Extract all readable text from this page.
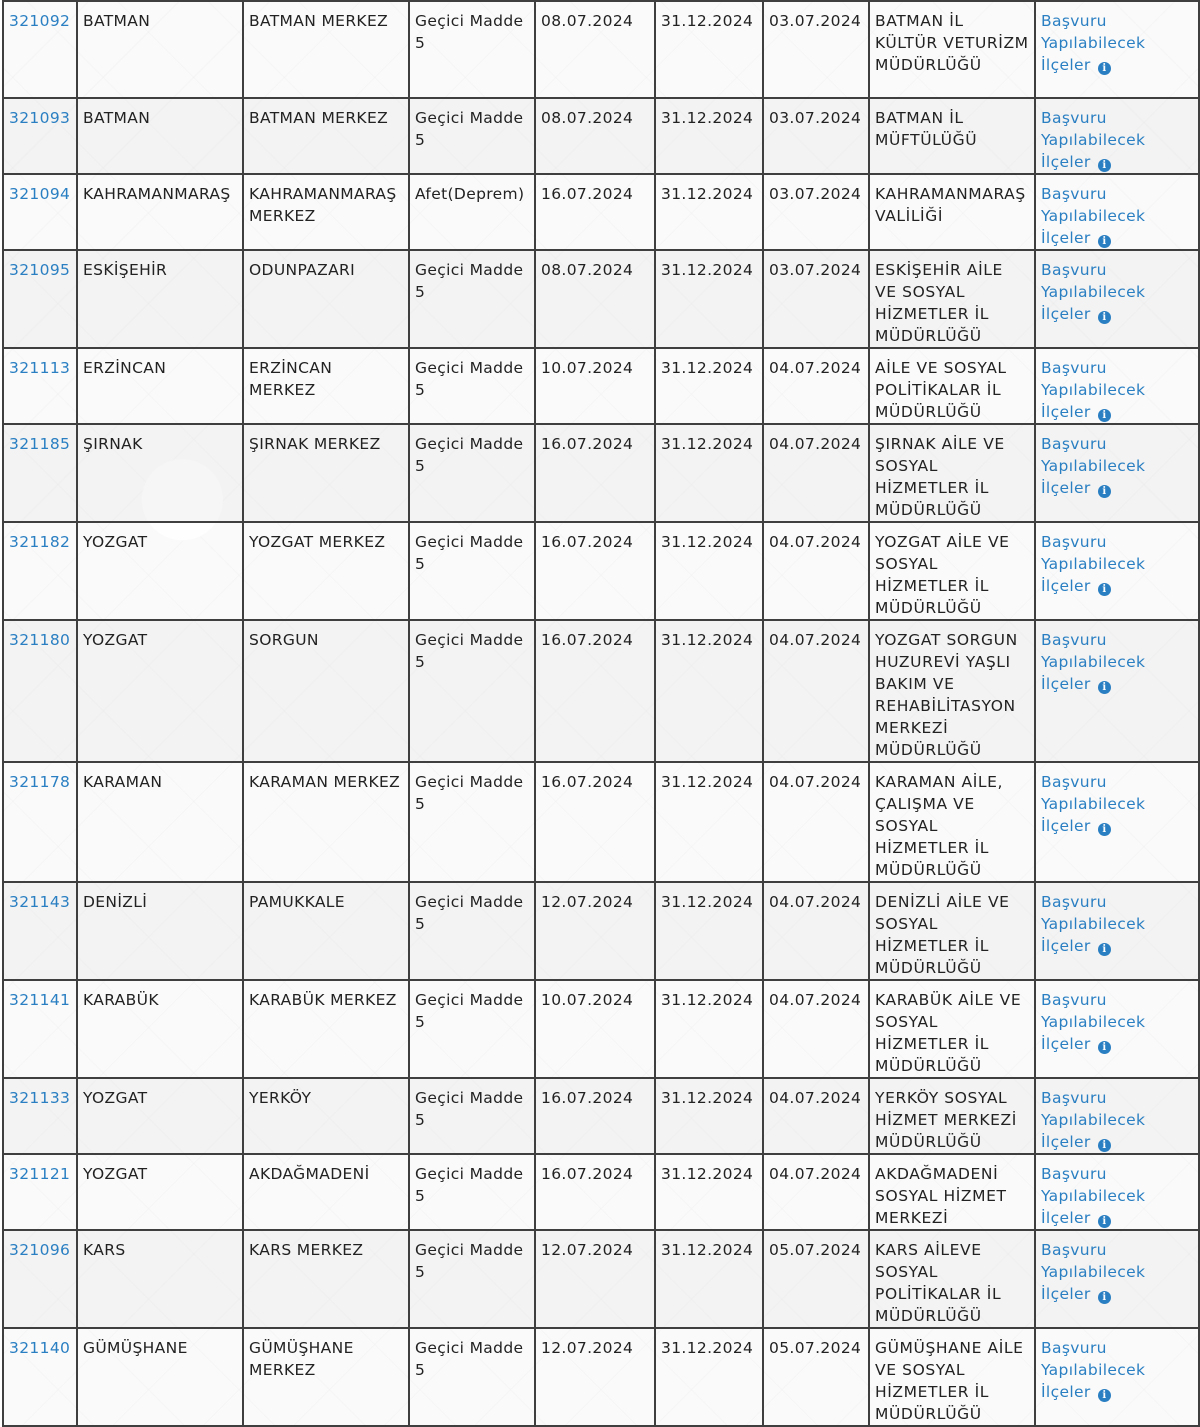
321092	BATMAN	BATMAN MERKEZ	Geçici Madde 5	08.07.2024	31.12.2024	03.07.2024	BATMAN İL KÜLTÜR VETURİZM MÜDÜRLÜĞÜ	Başvuru Yapılabilecek İlçeler i
321093	BATMAN	BATMAN MERKEZ	Geçici Madde 5	08.07.2024	31.12.2024	03.07.2024	BATMAN İL MÜFTÜLÜĞÜ	Başvuru Yapılabilecek İlçeler i
321094	KAHRAMANMARAŞ	KAHRAMANMARAŞ MERKEZ	Afet(Deprem)	16.07.2024	31.12.2024	03.07.2024	KAHRAMANMARAŞ VALİLİĞİ	Başvuru Yapılabilecek İlçeler i
321095	ESKİŞEHİR	ODUNPAZARI	Geçici Madde 5	08.07.2024	31.12.2024	03.07.2024	ESKİŞEHİR AİLE VE SOSYAL HİZMETLER İL MÜDÜRLÜĞÜ	Başvuru Yapılabilecek İlçeler i
321113	ERZİNCAN	ERZİNCAN MERKEZ	Geçici Madde 5	10.07.2024	31.12.2024	04.07.2024	AİLE VE SOSYAL POLİTİKALAR İL MÜDÜRLÜĞÜ	Başvuru Yapılabilecek İlçeler i
321185	ŞIRNAK	ŞIRNAK MERKEZ	Geçici Madde 5	16.07.2024	31.12.2024	04.07.2024	ŞIRNAK AİLE VE SOSYAL HİZMETLER İL MÜDÜRLÜĞÜ	Başvuru Yapılabilecek İlçeler i
321182	YOZGAT	YOZGAT MERKEZ	Geçici Madde 5	16.07.2024	31.12.2024	04.07.2024	YOZGAT AİLE VE SOSYAL HİZMETLER İL MÜDÜRLÜĞÜ	Başvuru Yapılabilecek İlçeler i
321180	YOZGAT	SORGUN	Geçici Madde 5	16.07.2024	31.12.2024	04.07.2024	YOZGAT SORGUN HUZUREVİ YAŞLI BAKIM VE REHABİLİTASYON MERKEZİ MÜDÜRLÜĞÜ	Başvuru Yapılabilecek İlçeler i
321178	KARAMAN	KARAMAN MERKEZ	Geçici Madde 5	16.07.2024	31.12.2024	04.07.2024	KARAMAN AİLE, ÇALIŞMA VE SOSYAL HİZMETLER İL MÜDÜRLÜĞÜ	Başvuru Yapılabilecek İlçeler i
321143	DENİZLİ	PAMUKKALE	Geçici Madde 5	12.07.2024	31.12.2024	04.07.2024	DENİZLİ AİLE VE SOSYAL HİZMETLER İL MÜDÜRLÜĞÜ	Başvuru Yapılabilecek İlçeler i
321141	KARABÜK	KARABÜK MERKEZ	Geçici Madde 5	10.07.2024	31.12.2024	04.07.2024	KARABÜK AİLE VE SOSYAL HİZMETLER İL MÜDÜRLÜĞÜ	Başvuru Yapılabilecek İlçeler i
321133	YOZGAT	YERKÖY	Geçici Madde 5	16.07.2024	31.12.2024	04.07.2024	YERKÖY SOSYAL HİZMET MERKEZİ MÜDÜRLÜĞÜ	Başvuru Yapılabilecek İlçeler i
321121	YOZGAT	AKDAĞMADENİ	Geçici Madde 5	16.07.2024	31.12.2024	04.07.2024	AKDAĞMADENİ SOSYAL HİZMET MERKEZİ	Başvuru Yapılabilecek İlçeler i
321096	KARS	KARS MERKEZ	Geçici Madde 5	12.07.2024	31.12.2024	05.07.2024	KARS AİLEVE SOSYAL POLİTİKALAR İL MÜDÜRLÜĞÜ	Başvuru Yapılabilecek İlçeler i
321140	GÜMÜŞHANE	GÜMÜŞHANE MERKEZ	Geçici Madde 5	12.07.2024	31.12.2024	05.07.2024	GÜMÜŞHANE AİLE VE SOSYAL HİZMETLER İL MÜDÜRLÜĞÜ	Başvuru Yapılabilecek İlçeler i
